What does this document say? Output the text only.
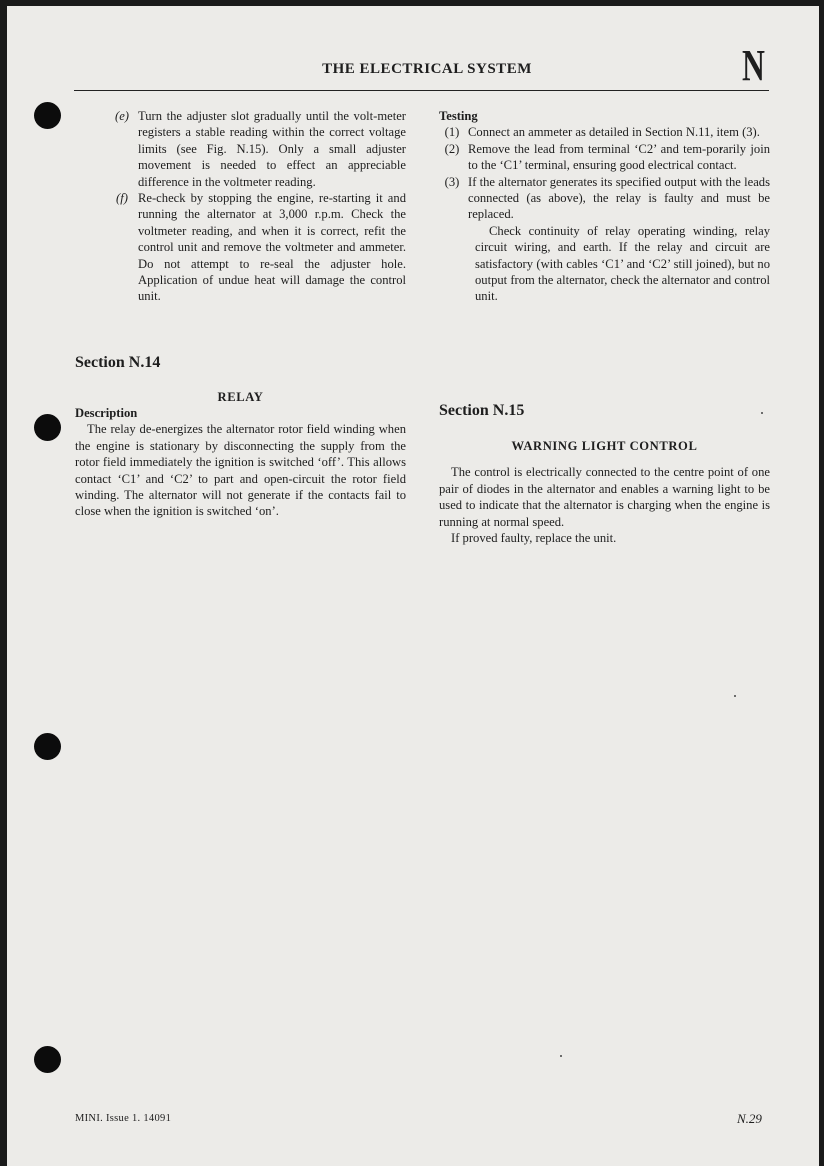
THE ELECTRICAL SYSTEM	N
(e) Turn the adjuster slot gradually until the volt-meter registers a stable reading within the correct voltage limits (see Fig. N.15). Only a small adjuster movement is needed to effect an appreciable difference in the voltmeter reading.
(f) Re-check by stopping the engine, re-starting it and running the alternator at 3,000 r.p.m. Check the voltmeter reading, and when it is correct, refit the control unit and remove the voltmeter and ammeter. Do not attempt to re-seal the adjuster hole. Application of undue heat will damage the control unit.
Section N.14
RELAY
Description

The relay de-energizes the alternator rotor field winding when the engine is stationary by disconnecting the supply from the rotor field immediately the ignition is switched ‘off’. This allows contact ‘C1’ and ‘C2’ to part and open-circuit the rotor field winding. The alternator will not generate if the contacts fail to close when the ignition is switched ‘on’.

Testing
(1) Connect an ammeter as detailed in Section N.11, item (3).
(2) Remove the lead from terminal ‘C2’ and tem-porarily join to the ‘C1’ terminal, ensuring good electrical contact.
(3) If the alternator generates its specified output with the leads connected (as above), the relay is faulty and must be replaced.

Check continuity of relay operating winding, relay circuit wiring, and earth. If the relay and circuit are satisfactory (with cables ‘C1’ and ‘C2’ still joined), but no output from the alternator, check the alternator and control unit.

Section N.15
WARNING LIGHT CONTROL

The control is electrically connected to the centre point of one pair of diodes in the alternator and enables a warning light to be used to indicate that the alternator is charging when the engine is running at normal speed.

If proved faulty, replace the unit.

MINI. Issue 1. 14091	N.29
